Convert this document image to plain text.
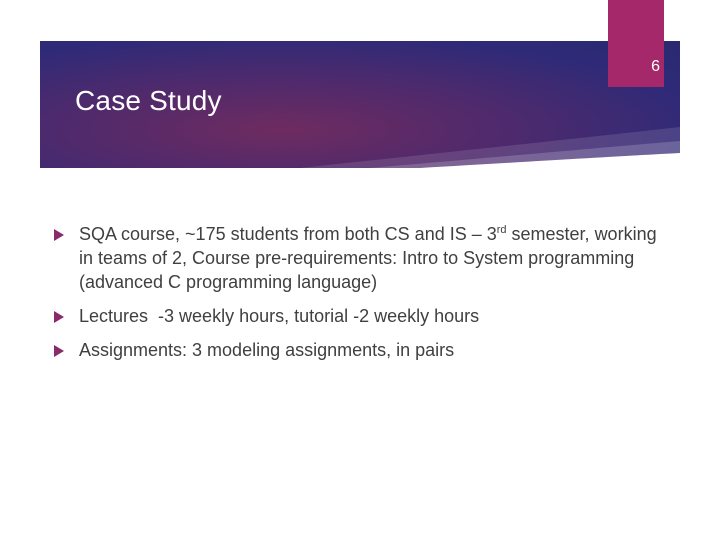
6
Case Study
SQA course, ~175 students from both CS and IS – 3rd semester, working in teams of 2, Course pre-requirements: Intro to System programming (advanced C programming language)
Lectures  -3 weekly hours, tutorial -2 weekly hours
Assignments: 3 modeling assignments, in pairs
